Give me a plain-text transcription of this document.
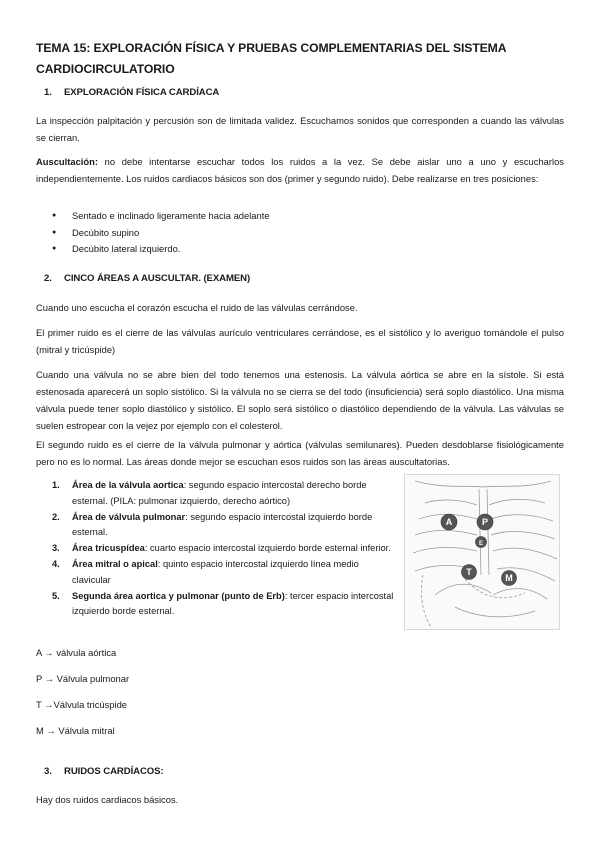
TEMA 15: EXPLORACIÓN FÍSICA Y PRUEBAS COMPLEMENTARIAS DEL SISTEMA CARDIOCIRCULATORIO
1. EXPLORACIÓN FÍSICA CARDÍACA
La inspección palpitación y percusión son de limitada validez. Escuchamos sonidos que corresponden a cuando las válvulas se cierran.
Auscultación: no debe intentarse escuchar todos los ruidos a la vez. Se debe aislar uno a uno y escucharlos independientemente. Los ruidos cardiacos básicos son dos (primer y segundo ruido). Debe realizarse en tres posiciones:
● Sentado e inclinado ligeramente hacia adelante
● Decúbito supino
● Decúbito lateral izquierdo.
2. CINCO ÁREAS A AUSCULTAR. (EXAMEN)
Cuando uno escucha el corazón escucha el ruido de las válvulas cerrándose.
El primer ruido es el cierre de las válvulas aurículo ventriculares cerrándose, es el sistólico y lo averiguo tomándole el pulso (mitral y tricúspide)
Cuando una válvula no se abre bien del todo tenemos una estenosis. La válvula aórtica se abre en la sístole. Si está estenosada aparecerá un soplo sistólico. Si la válvula no se cierra se del todo (insuficiencia) será soplo diastólico. Una misma válvula puede tener soplo diastólico y sistólico. El soplo será sistólico o diastólico dependiendo de la válvula. Las válvulas se suelen estropear con la vejez por ejemplo con el colesterol.
El segundo ruido es el cierre de la válvula pulmonar y aórtica (válvulas semilunares). Pueden desdoblarse fisiológicamente pero no es lo normal. Las áreas donde mejor se escuchan esos ruidos son las áreas auscultatorias.
1. Área de la válvula aortica: segundo espacio intercostal derecho borde esternal. (PILA: pulmonar izquierdo, derecho aórtico)
2. Área de válvula pulmonar: segundo espacio intercostal izquierdo borde esternal.
3. Área tricuspídea: cuarto espacio intercostal izquierdo borde esternal inferior.
4. Área mitral o apical: quinto espacio intercostal izquierdo línea medio clavicular
5. Segunda área aortica y pulmonar (punto de Erb): tercer espacio intercostal izquierdo borde esternal.
A	P
E
T
M
A → válvula aórtica
P → Válvula pulmonar
T →Válvula tricúspide
M → Válvula mitral
3. RUIDOS CARDÍACOS:
Hay dos ruidos cardiacos básicos.
